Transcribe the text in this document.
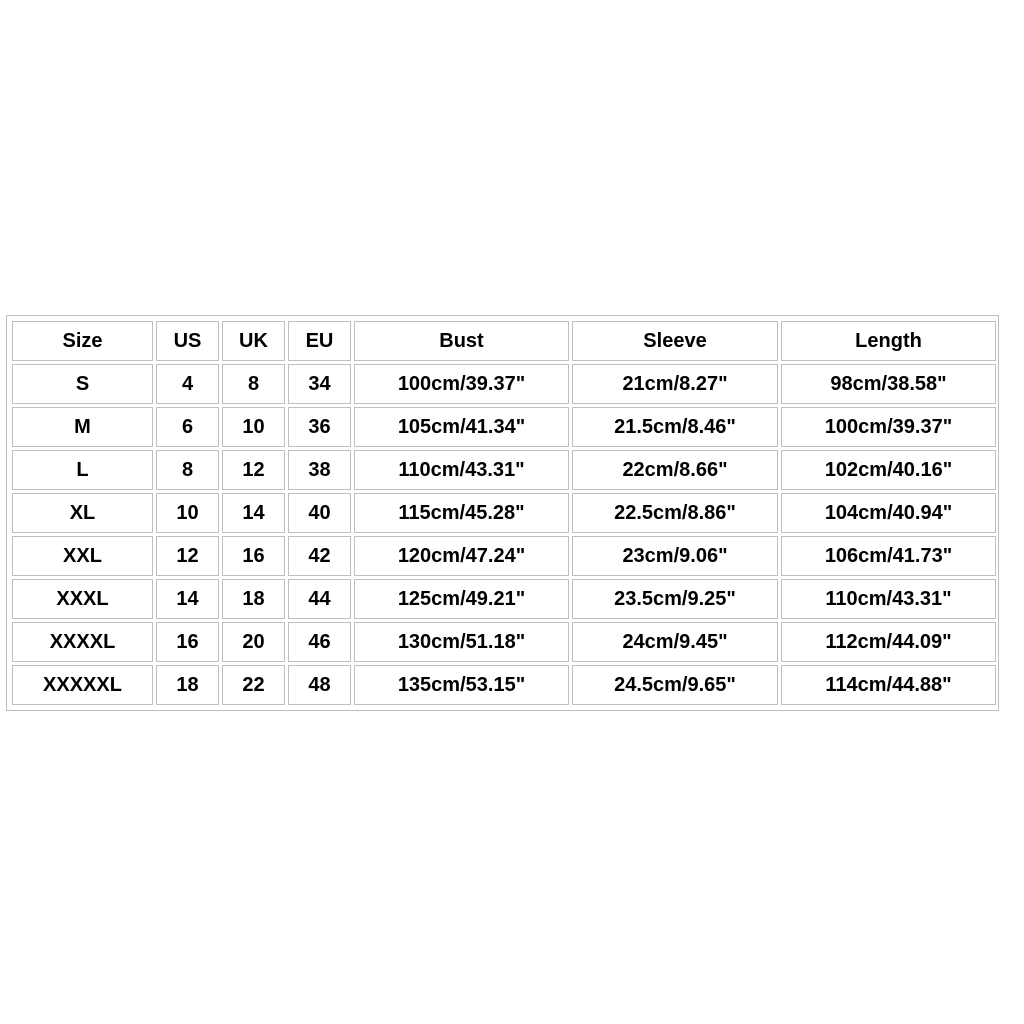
Size	US	UK	EU	Bust	Sleeve	Length
S	4	8	34	100cm/39.37"	21cm/8.27"	98cm/38.58"
M	6	10	36	105cm/41.34"	21.5cm/8.46"	100cm/39.37"
L	8	12	38	110cm/43.31"	22cm/8.66"	102cm/40.16"
XL	10	14	40	115cm/45.28"	22.5cm/8.86"	104cm/40.94"
XXL	12	16	42	120cm/47.24"	23cm/9.06"	106cm/41.73"
XXXL	14	18	44	125cm/49.21"	23.5cm/9.25"	110cm/43.31"
XXXXL	16	20	46	130cm/51.18"	24cm/9.45"	112cm/44.09"
XXXXXL	18	22	48	135cm/53.15"	24.5cm/9.65"	114cm/44.88"
